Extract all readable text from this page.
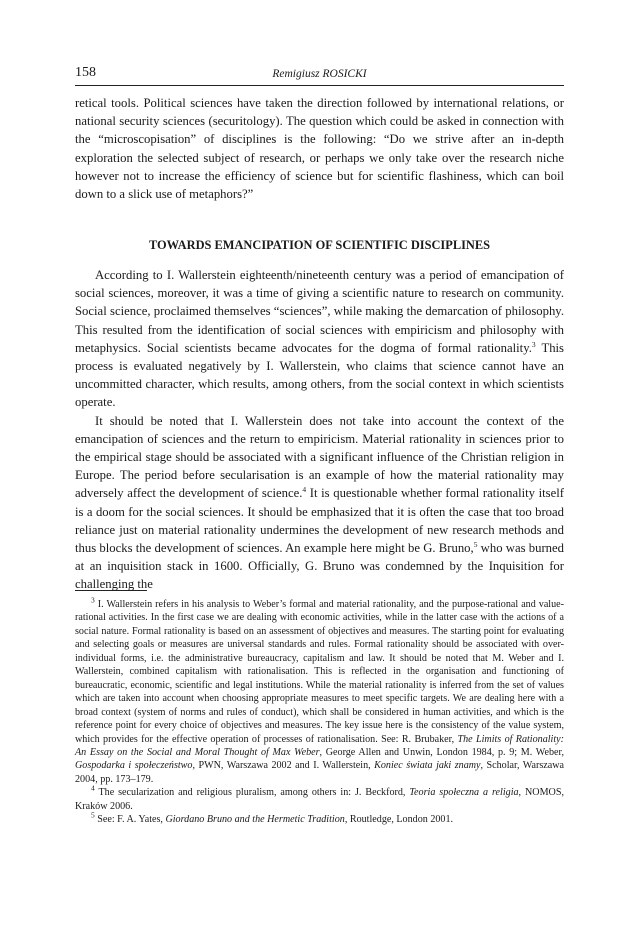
158	Remigiusz ROSICKI

retical tools. Political sciences have taken the direction followed by international relations, or national security sciences (securitology). The question which could be asked in connection with the “microscopisation” of disciplines is the following: “Do we strive after an in-depth exploration the selected subject of research, or perhaps we only take over the research niche however not to increase the efficiency of science but for scientific flashiness, which can boil down to a slick use of metaphors?”

TOWARDS EMANCIPATION OF SCIENTIFIC DISCIPLINES

According to I. Wallerstein eighteenth/nineteenth century was a period of emancipation of social sciences, moreover, it was a time of giving a scientific nature to research on community. Social science, proclaimed themselves “sciences”, while making the demarcation of philosophy. This resulted from the identification of social sciences with empiricism and philosophy with metaphysics. Social scientists became advocates for the dogma of formal rationality.$^3$ This process is evaluated negatively by I. Wallerstein, who claims that science cannot have an uncommitted character, which results, among others, from the social context in which scientists operate.

It should be noted that I. Wallerstein does not take into account the context of the emancipation of sciences and the return to empiricism. Material rationality in sciences prior to the empirical stage should be associated with a significant influence of the Christian religion in Europe. The period before secularisation is an example of how the material rationality may adversely affect the development of science.$^4$ It is questionable whether formal rationality itself is a doom for the social sciences. It should be emphasized that it is often the case that too broad reliance just on material rationality undermines the development of new research methods and thus blocks the development of sciences. An example here might be G. Bruno,$^5$ who was burned at an inquisition stack in 1600. Officially, G. Bruno was condemned by the Inquisition for challenging the

$^3$ I. Wallerstein refers in his analysis to Weber’s formal and material rationality, and the purpose-rational and value-rational activities. In the first case we are dealing with economic activities, while in the latter case with the actions of a social nature. Formal rationality is based on an assessment of objectives and measures. The starting point for evaluating and selecting goals or measures are universal standards and rules. Formal rationality should be associated with over-individual forms, i.e. the administrative bureaucracy, capitalism and law. It should be noted that M. Weber and I. Wallerstein, combined capitalism with rationalisation. This is reflected in the organisation and functioning of bureaucratic, economic, scientific and legal institutions. While the material rationality is inferred from the set of values which are taken into account when choosing appropriate measures to meet specific targets. We are dealing here with a broad context (system of norms and rules of conduct), which shall be considered in human activities, and which is the reference point for every choice of objectives and measures. The key issue here is the consistency of the value system, which provides for the effective operation of processes of rationalisation. See: R. Brubaker, The Limits of Rationality: An Essay on the Social and Moral Thought of Max Weber, George Allen and Unwin, London 1984, p. 9; M. Weber, Gospodarka i społeczeństwo, PWN, Warszawa 2002 and I. Wallerstein, Koniec świata jaki znamy, Scholar, Warszawa 2004, pp. 173–179.

$^4$ The secularization and religious pluralism, among others in: J. Beckford, Teoria społeczna a religia, NOMOS, Kraków 2006.

$^5$ See: F. A. Yates, Giordano Bruno and the Hermetic Tradition, Routledge, London 2001.
